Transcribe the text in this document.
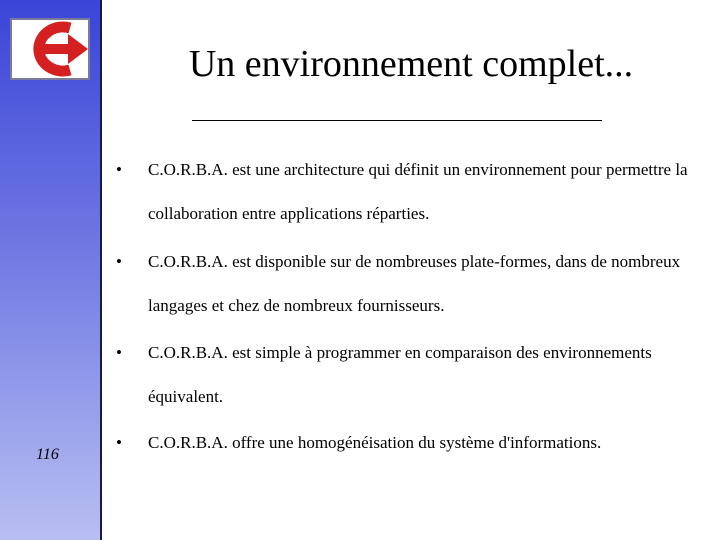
116
Un environnement complet...
• C.O.R.B.A. est une architecture qui définit un environnement pour permettre la collaboration entre applications réparties.
• C.O.R.B.A. est disponible sur de nombreuses plate-formes, dans de nombreux langages et chez de nombreux fournisseurs.
• C.O.R.B.A. est simple à programmer en comparaison des environnements équivalent.
• C.O.R.B.A. offre une homogénéisation du système d'informations.
